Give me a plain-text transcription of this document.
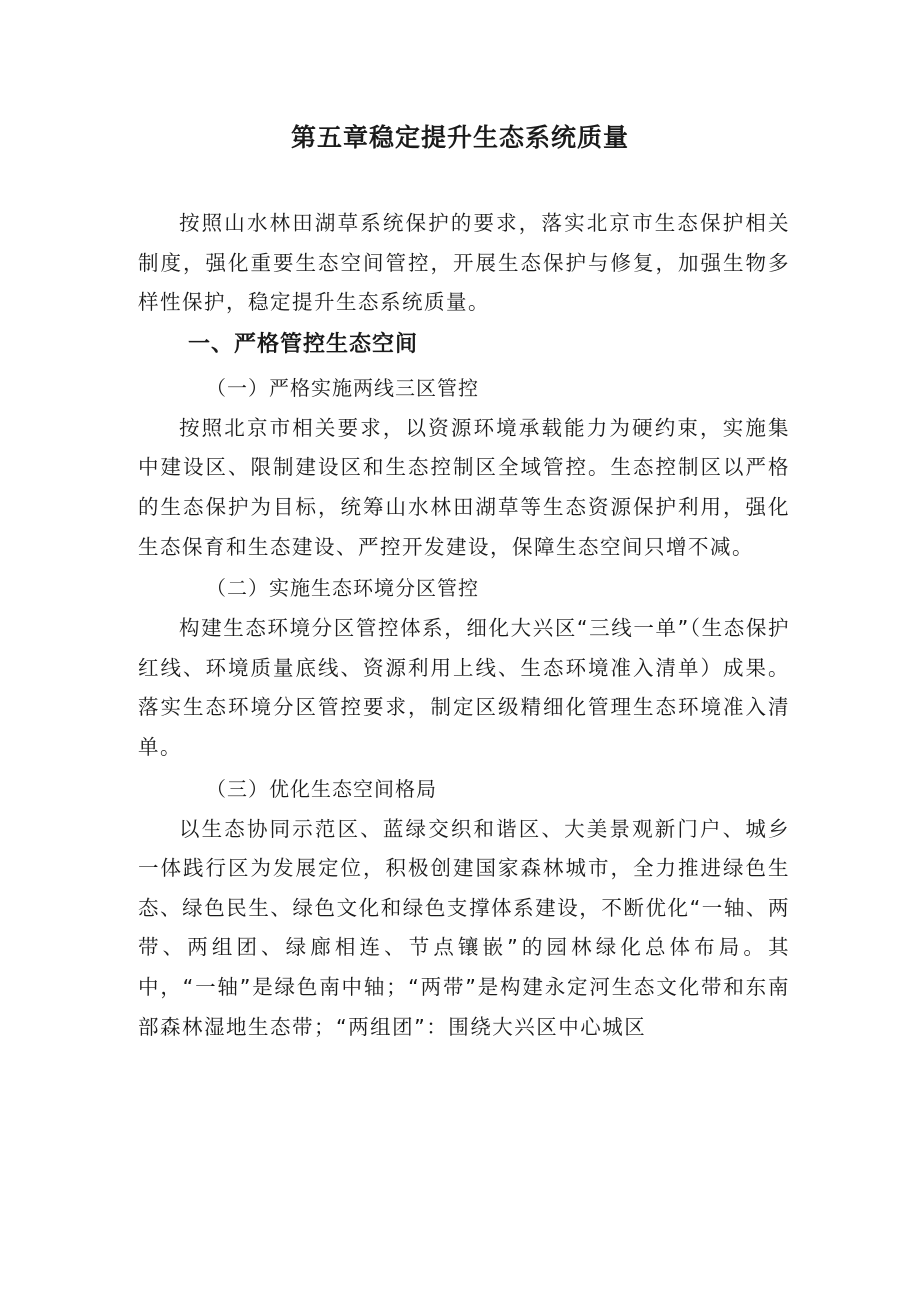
第五章稳定提升生态系统质量

按照山水林田湖草系统保护的要求，落实北京市生态保护相关制度，强化重要生态空间管控，开展生态保护与修复，加强生物多样性保护，稳定提升生态系统质量。

一、严格管控生态空间

（一）严格实施两线三区管控

按照北京市相关要求，以资源环境承载能力为硬约束，实施集中建设区、限制建设区和生态控制区全域管控。生态控制区以严格的生态保护为目标，统筹山水林田湖草等生态资源保护利用，强化生态保育和生态建设、严控开发建设，保障生态空间只增不减。

（二）实施生态环境分区管控

构建生态环境分区管控体系，细化大兴区“三线一单”（生态保护红线、环境质量底线、资源利用上线、生态环境准入清单）成果。落实生态环境分区管控要求，制定区级精细化管理生态环境准入清单。

（三）优化生态空间格局

以生态协同示范区、蓝绿交织和谐区、大美景观新门户、城乡一体践行区为发展定位，积极创建国家森林城市，全力推进绿色生态、绿色民生、绿色文化和绿色支撑体系建设，不断优化“一轴、两带、两组团、绿廊相连、节点镶嵌”的园林绿化总体布局。其中，“一轴”是绿色南中轴；“两带”是构建永定河生态文化带和东南部森林湿地生态带；“两组团”：围绕大兴区中心城区
